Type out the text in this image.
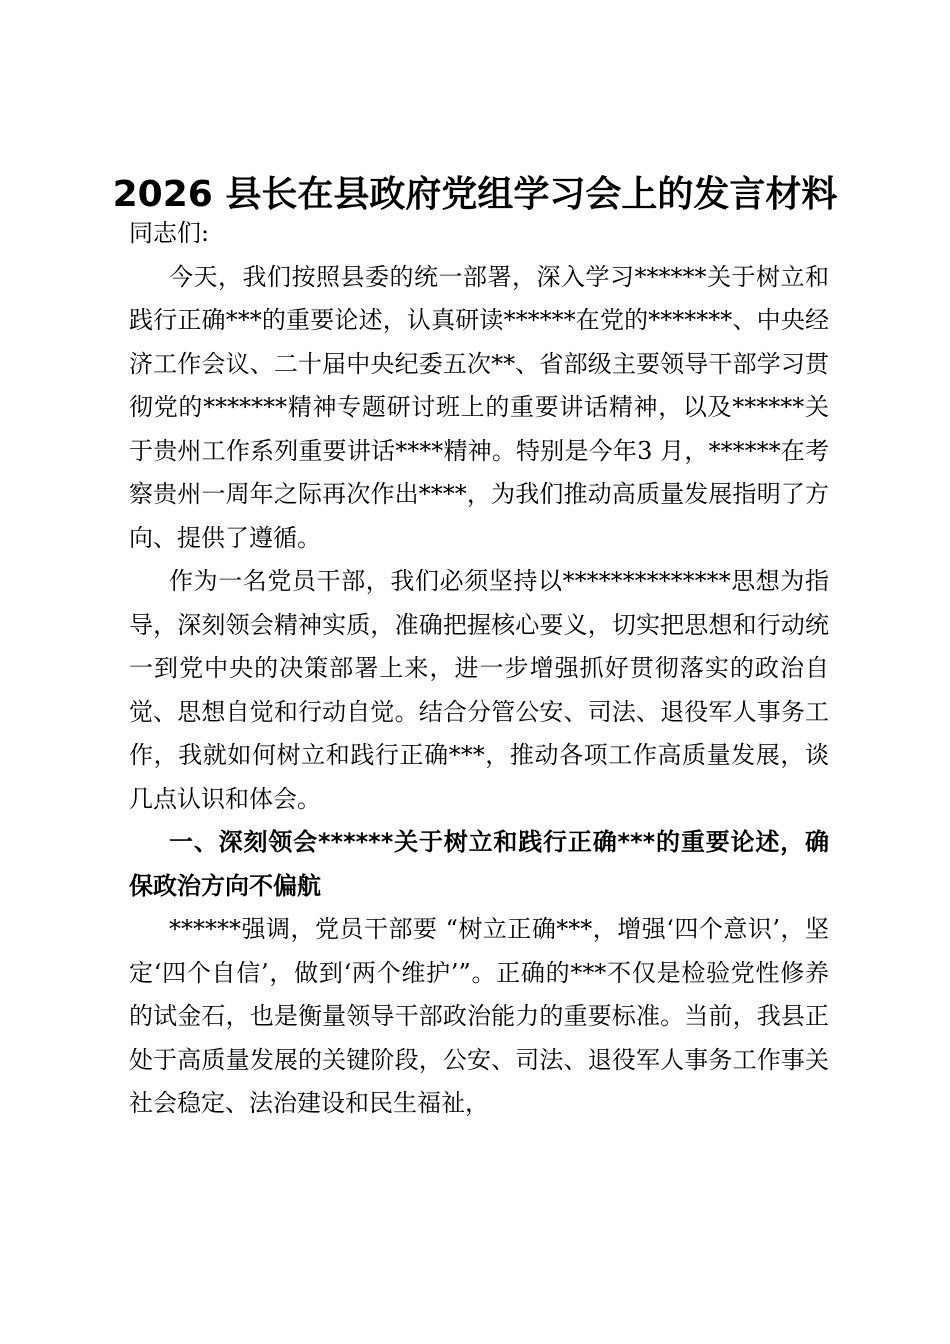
2026 县长在县政府党组学习会上的发言材料

同志们:

今天，我们按照县委的统一部署，深入学习******关于树立和践行正确***的重要论述，认真研读******在党的*******、中央经济工作会议、二十届中央纪委五次**、省部级主要领导干部学习贯彻党的*******精神专题研讨班上的重要讲话精神，以及******关于贵州工作系列重要讲话****精神。特别是今年3 月，******在考察贵州一周年之际再次作出****，为我们推动高质量发展指明了方向、提供了遵循。

作为一名党员干部，我们必须坚持以**************思想为指导，深刻领会精神实质，准确把握核心要义，切实把思想和行动统一到党中央的决策部署上来，进一步增强抓好贯彻落实的政治自觉、思想自觉和行动自觉。结合分管公安、司法、退役军人事务工作，我就如何树立和践行正确***，推动各项工作高质量发展，谈几点认识和体会。

一、深刻领会******关于树立和践行正确***的重要论述，确保政治方向不偏航

******强调，党员干部要 “树立正确***，增强‘四个意识’，坚定‘四个自信’，做到‘两个维护’”。正确的***不仅是检验党性修养的试金石，也是衡量领导干部政治能力的重要标准。当前，我县正处于高质量发展的关键阶段，公安、司法、退役军人事务工作事关社会稳定、法治建设和民生福祉，
